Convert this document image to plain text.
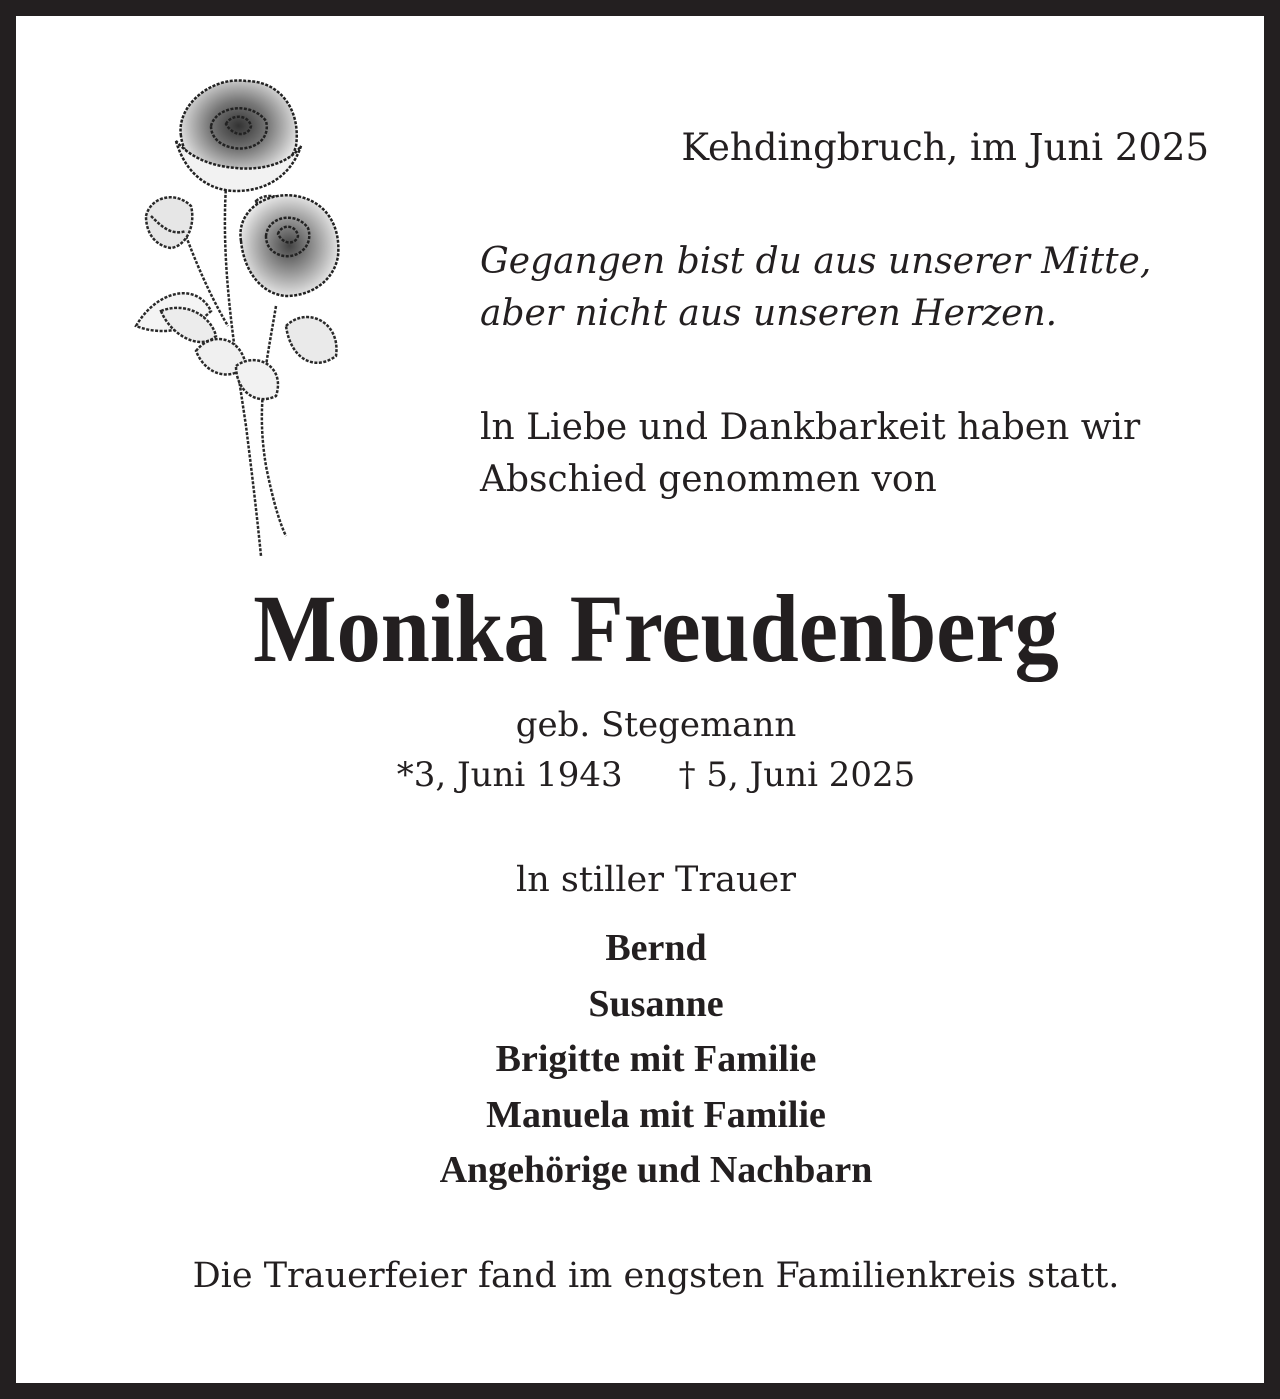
Kehdingbruch, im Juni 2025
Gegangen bist du aus unserer Mitte,
aber nicht aus unseren Herzen.
ln Liebe und Dankbarkeit haben wir
Abschied genommen von
Monika Freudenberg
geb. Stegemann
*3, Juni 1943 † 5, Juni 2025
ln stiller Trauer
Bernd
Susanne
Brigitte mit Familie
Manuela mit Familie
Angehörige und Nachbarn
Die Trauerfeier fand im engsten Familienkreis statt.
